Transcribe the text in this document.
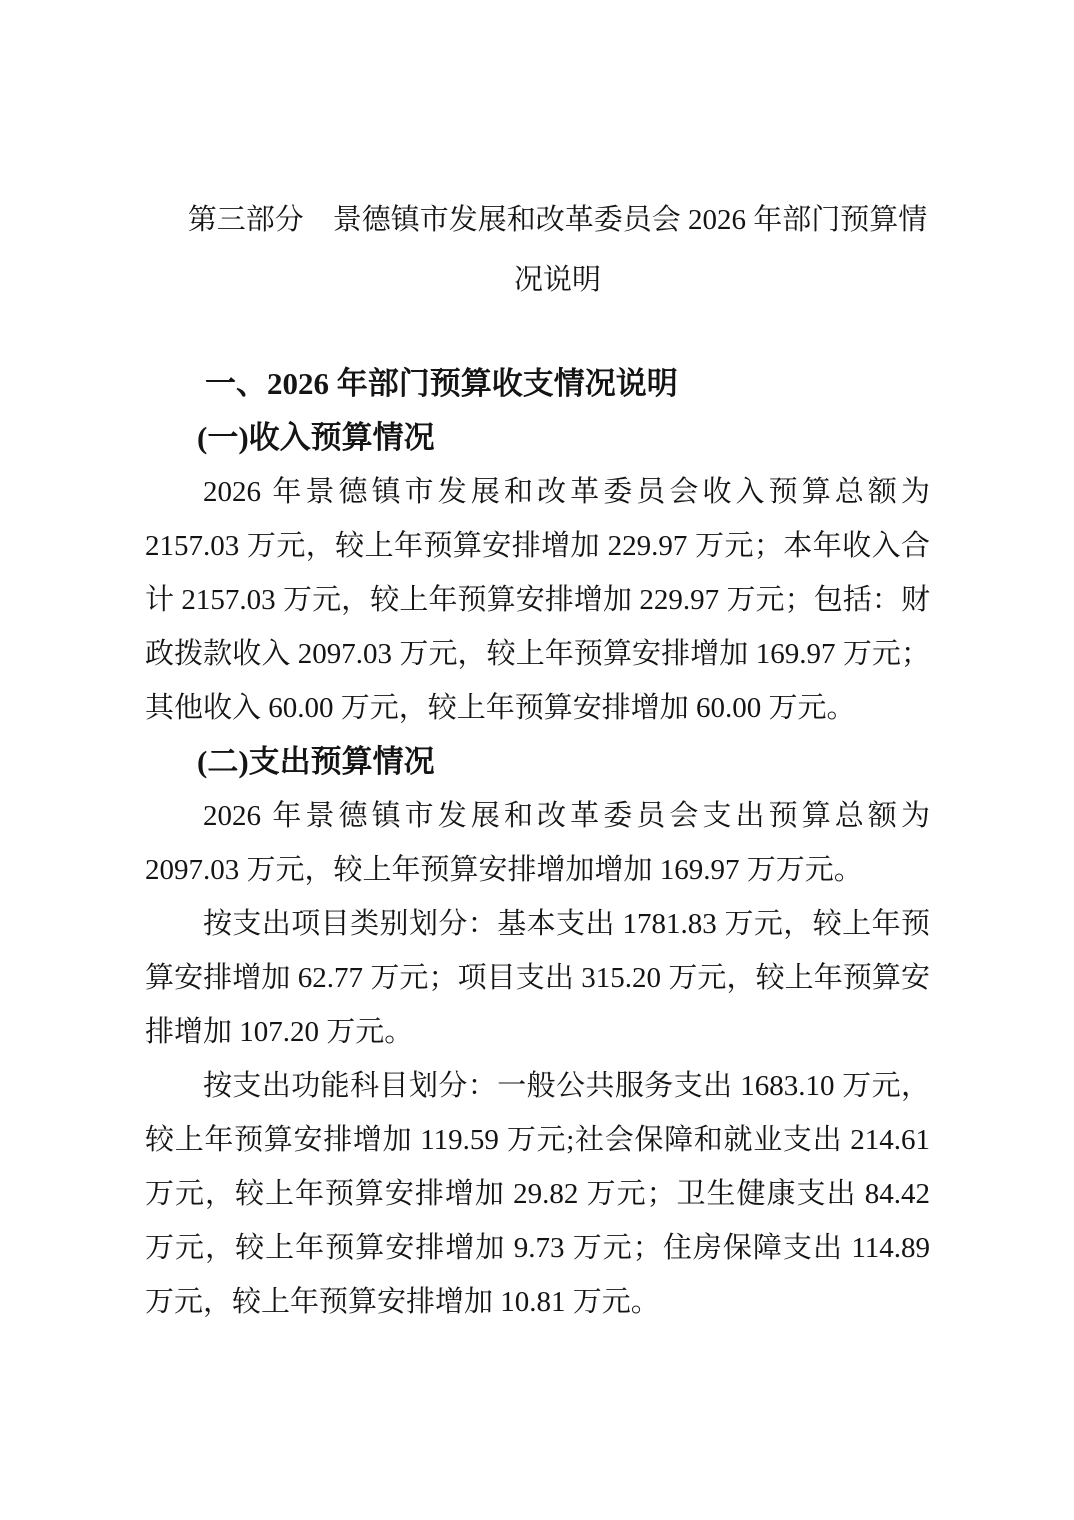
第三部分　景德镇市发展和改革委员会 2026 年部门预算情
况说明
一、2026 年部门预算收支情况说明
(一)收入预算情况
2026 年景德镇市发展和改革委员会收入预算总额为
2157.03 万元，较上年预算安排增加 229.97 万元；本年收入合
计 2157.03 万元，较上年预算安排增加 229.97 万元；包括：财
政拨款收入 2097.03 万元，较上年预算安排增加 169.97 万元；
其他收入 60.00 万元，较上年预算安排增加 60.00 万元。
(二)支出预算情况
2026 年景德镇市发展和改革委员会支出预算总额为
2097.03 万元，较上年预算安排增加增加 169.97 万万元。
按支出项目类别划分：基本支出 1781.83 万元，较上年预
算安排增加 62.77 万元；项目支出 315.20 万元，较上年预算安
排增加 107.20 万元。
按支出功能科目划分：一般公共服务支出 1683.10 万元，
较上年预算安排增加 119.59 万元;社会保障和就业支出 214.61
万元，较上年预算安排增加 29.82 万元；卫生健康支出 84.42
万元，较上年预算安排增加 9.73 万元；住房保障支出 114.89
万元，较上年预算安排增加 10.81 万元。
